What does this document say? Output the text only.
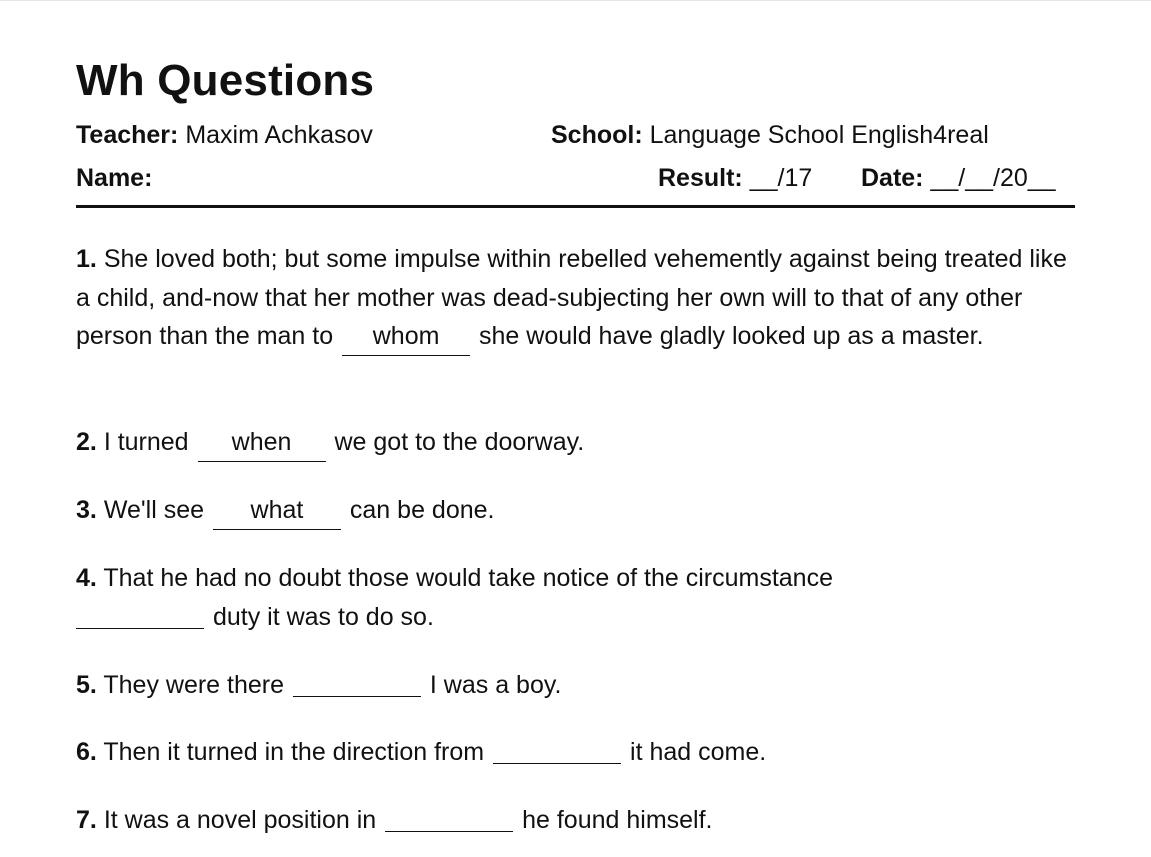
Wh Questions
Teacher: Maxim Achkasov	School: Language School English4real
Name:	Result: __/17 Date: __/__/20__

1. She loved both; but some impulse within rebelled vehemently against being treated like a child, and-now that her mother was dead-subjecting her own will to that of any other person than the man to whom she would have gladly looked up as a master.

2. I turned when we got to the doorway.

3. We'll see what can be done.

4. That he had no doubt those would take notice of the circumstance
duty it was to do so.

5. They were there	I was a boy.

6. Then it turned in the direction from	it had come.

7. It was a novel position in	he found himself.
